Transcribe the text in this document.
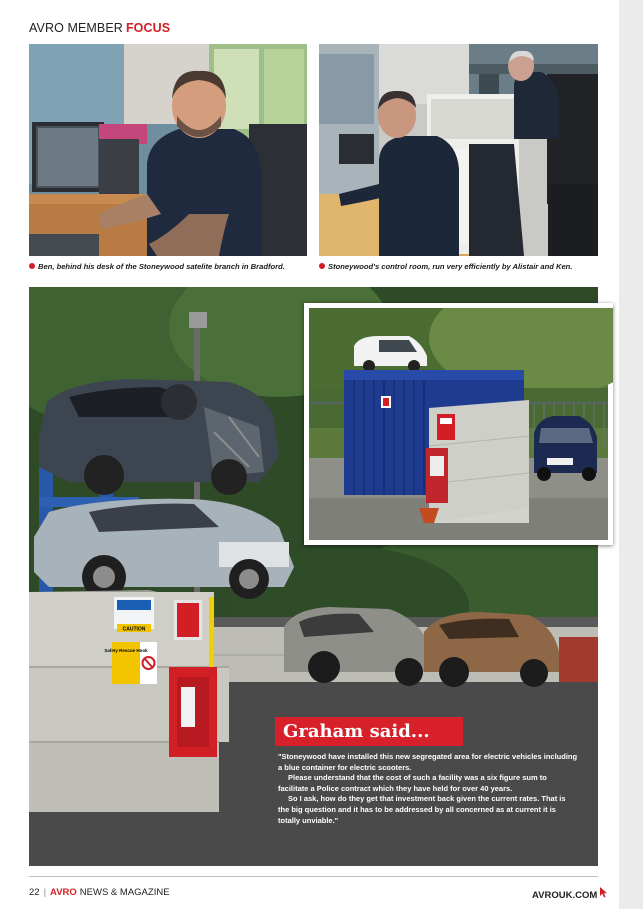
AVRO MEMBER FOCUS
Ben, behind his desk of the Stoneywood satelite branch in Bradford.	Stoneywood's control room, run very efficiently by Alistair and Ken.
CAUTION
Safety Rescue Hook
Graham said...

"Stoneywood have installed this new segregated area for electric vehicles including a blue container for electric scooters.

Please understand that the cost of such a facility was a six figure sum to facilitate a Police contract which they have held for over 40 years.

So I ask, how do they get that investment back given the current rates. That is the big question and it has to be addressed by all concerned as at current it is totally unviable."

22 | AVRO NEWS & MAGAZINE	AVROUK.COM
